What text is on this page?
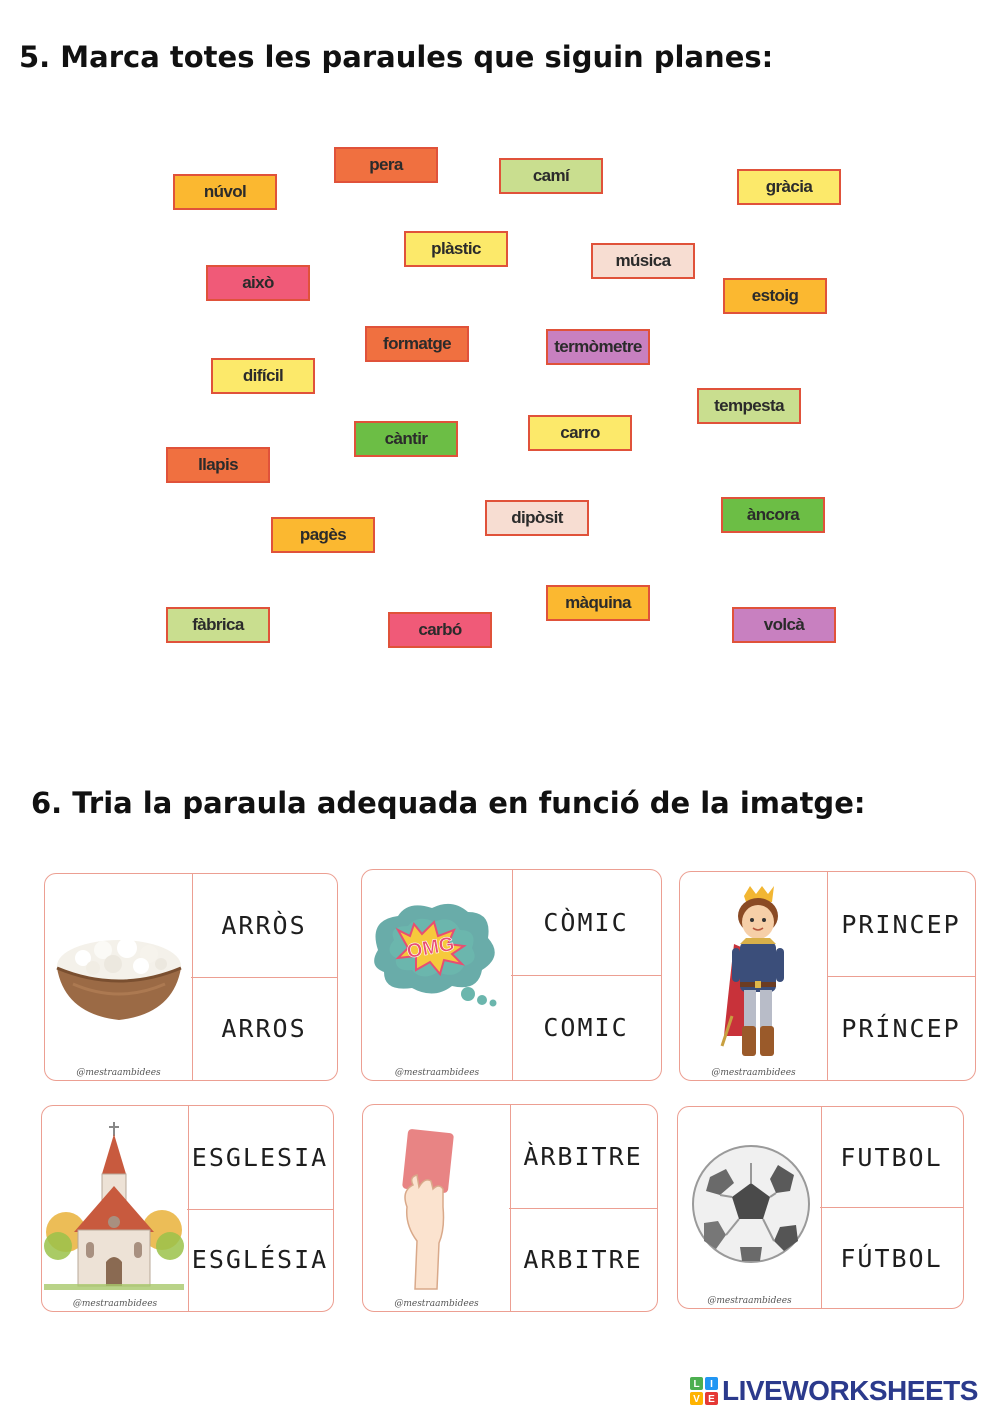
5. Marca totes les paraules que siguin planes:
núvol
pera
camí
gràcia
plàstic
música
això
estoig
formatge	termòmetre
difícil
tempesta
càntir	carro
llapis
pagès
dipòsit	àncora
màquina
fàbrica	carbó	volcà
6. Tria la paraula adequada en funció de la imatge:
@mestraambidees
ARRÒS
ARROS
OMG
@mestraambidees
CÒMIC
COMIC
@mestraambidees
PRINCEP
PRÍNCEP
@mestraambidees
ESGLESIA
ESGLÉSIA
@mestraambidees
ÀRBITRE
ARBITRE
@mestraambidees
FUTBOL
FÚTBOL
L I
V E LIVEWORKSHEETS
